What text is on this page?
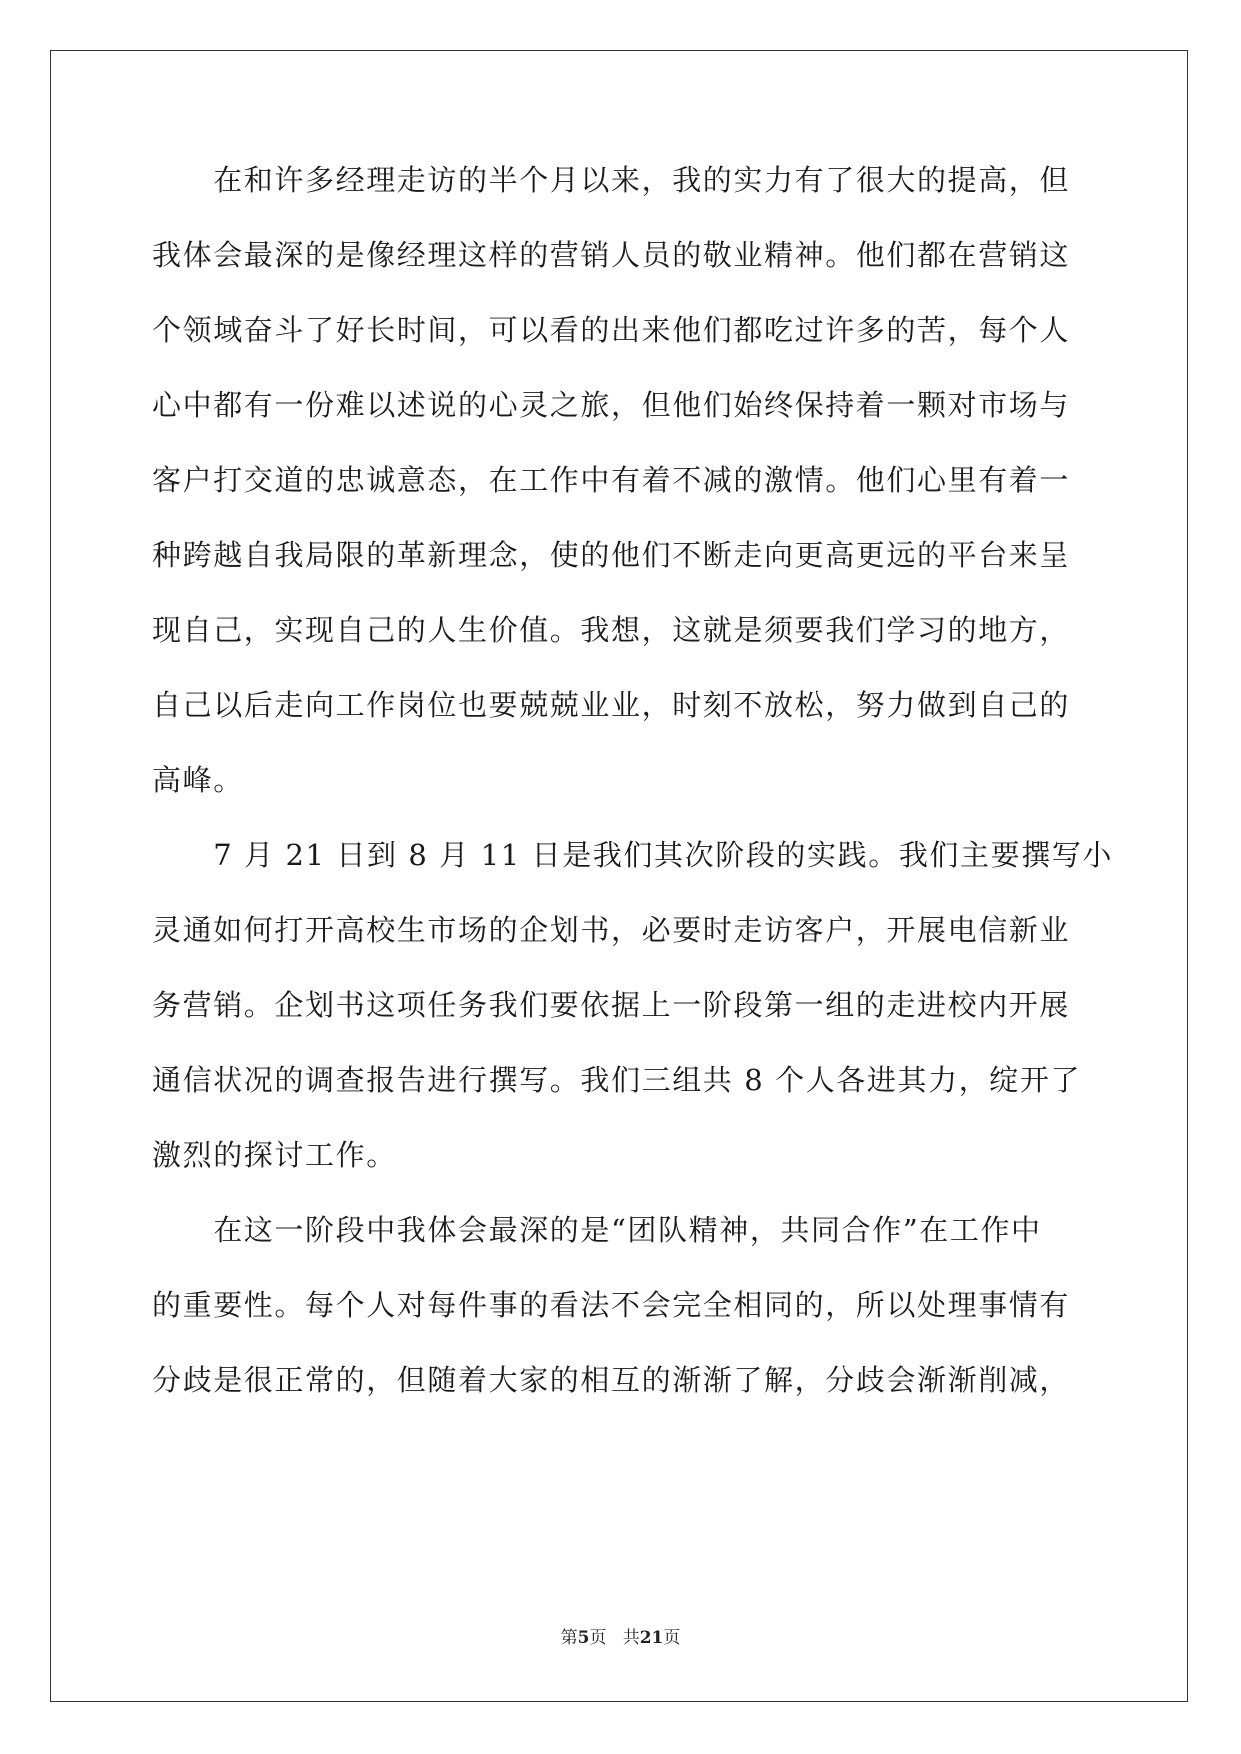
　　在和许多经理走访的半个月以来，我的实力有了很大的提高，但
我体会最深的是像经理这样的营销人员的敬业精神。他们都在营销这
个领域奋斗了好长时间，可以看的出来他们都吃过许多的苦，每个人
心中都有一份难以述说的心灵之旅，但他们始终保持着一颗对市场与
客户打交道的忠诚意态，在工作中有着不减的激情。他们心里有着一
种跨越自我局限的革新理念，使的他们不断走向更高更远的平台来呈
现自己，实现自己的人生价值。我想，这就是须要我们学习的地方，
自己以后走向工作岗位也要兢兢业业，时刻不放松，努力做到自己的
高峰。
　　7 月 21 日到 8 月 11 日是我们其次阶段的实践。我们主要撰写小
灵通如何打开高校生市场的企划书，必要时走访客户，开展电信新业
务营销。企划书这项任务我们要依据上一阶段第一组的走进校内开展
通信状况的调查报告进行撰写。我们三组共 8 个人各进其力，绽开了
激烈的探讨工作。
　　在这一阶段中我体会最深的是“团队精神，共同合作”在工作中
的重要性。每个人对每件事的看法不会完全相同的，所以处理事情有
分歧是很正常的，但随着大家的相互的渐渐了解，分歧会渐渐削减，
第5页 共21页
